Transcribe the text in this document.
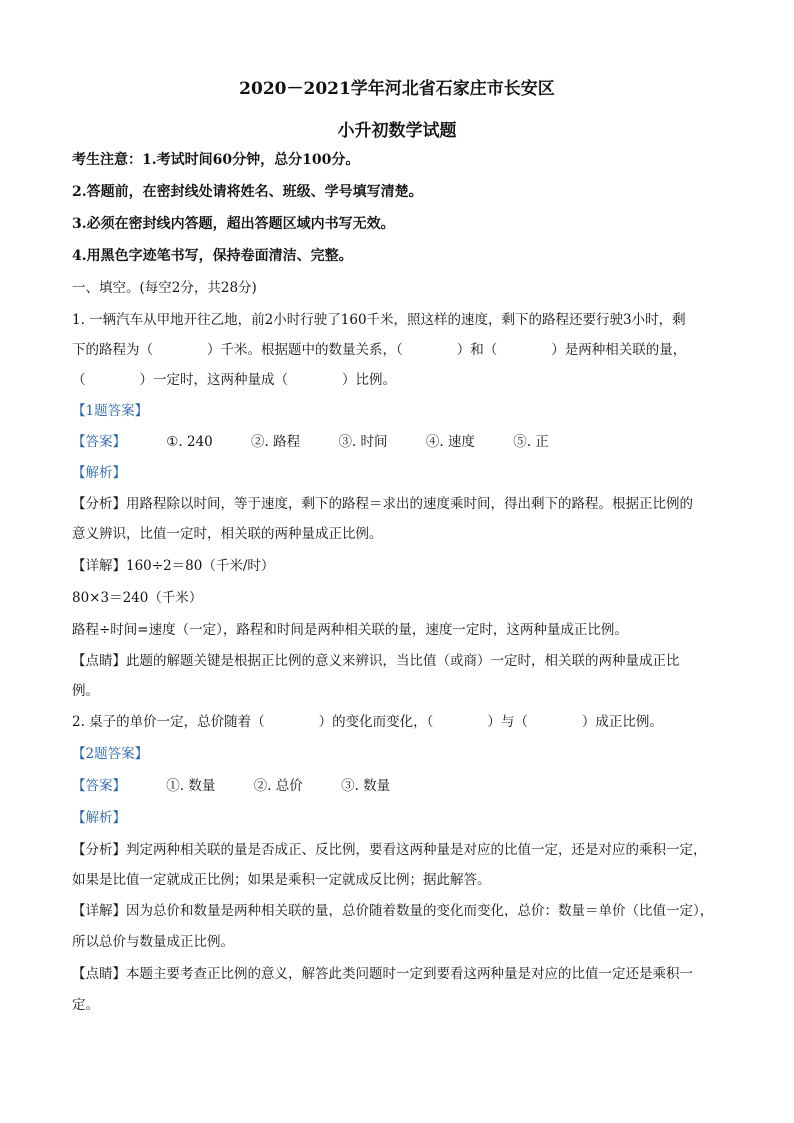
2020－2021学年河北省石家庄市长安区
小升初数学试题
考生注意：1.考试时间60分钟，总分100分。
2.答题前，在密封线处请将姓名、班级、学号填写清楚。
3.必须在密封线内答题，超出答题区域内书写无效。
4.用黑色字迹笔书写，保持卷面清洁、完整。
一、填空。(每空2分，共28分)
1. 一辆汽车从甲地开往乙地，前2小时行驶了160千米，照这样的速度，剩下的路程还要行驶3小时，剩
下的路程为（　　　　）千米。根据题中的数量关系，（　　　　）和（　　　　）是两种相关联的量，
（　　　　）一定时，这两种量成（　　　　）比例。
【1题答案】
【答案】	①. 240	②. 路程	③. 时间	④. 速度	⑤. 正
【解析】
【分析】用路程除以时间，等于速度，剩下的路程＝求出的速度乘时间，得出剩下的路程。根据正比例的
意义辨识，比值一定时，相关联的两种量成正比例。
【详解】160÷2＝80（千米/时）
80×3＝240（千米）
路程÷时间=速度（一定），路程和时间是两种相关联的量，速度一定时，这两种量成正比例。
【点睛】此题的解题关键是根据正比例的意义来辨识，当比值（或商）一定时，相关联的两种量成正比
例。
2. 桌子的单价一定，总价随着（　　　　）的变化而变化，（　　　　）与（　　　　）成正比例。
【2题答案】
【答案】	①. 数量	②. 总价	③. 数量
【解析】
【分析】判定两种相关联的量是否成正、反比例，要看这两种量是对应的比值一定，还是对应的乘积一定，
如果是比值一定就成正比例；如果是乘积一定就成反比例；据此解答。
【详解】因为总价和数量是两种相关联的量，总价随着数量的变化而变化，总价：数量＝单价（比值一定），
所以总价与数量成正比例。
【点睛】本题主要考查正比例的意义，解答此类问题时一定到要看这两种量是对应的比值一定还是乘积一
定。
